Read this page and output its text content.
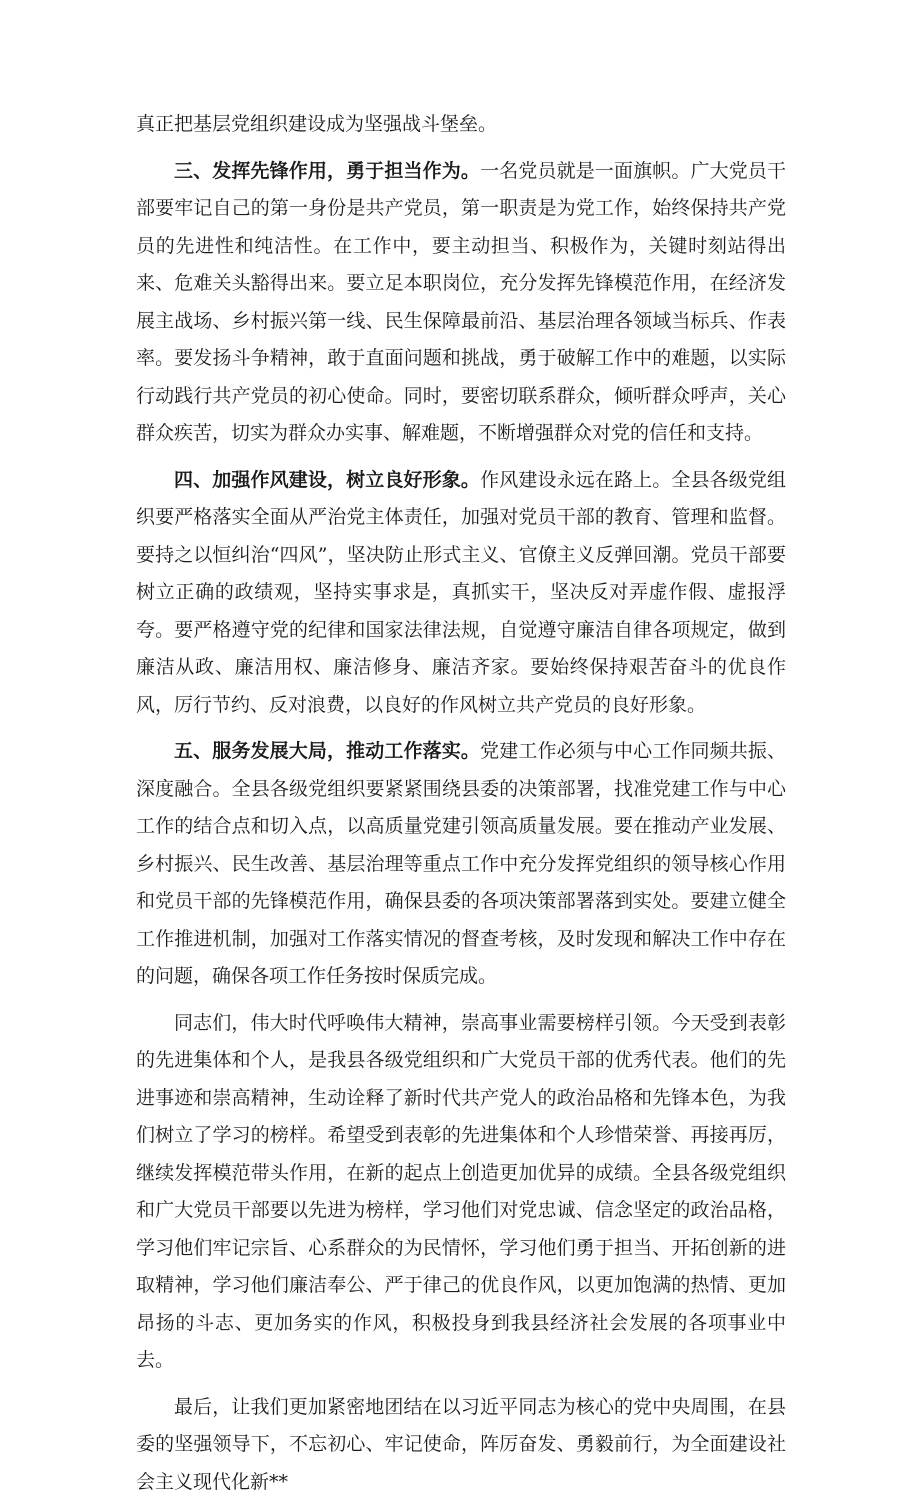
真正把基层党组织建设成为坚强战斗堡垒。

三、发挥先锋作用，勇于担当作为。一名党员就是一面旗帜。广大党员干部要牢记自己的第一身份是共产党员，第一职责是为党工作，始终保持共产党员的先进性和纯洁性。在工作中，要主动担当、积极作为，关键时刻站得出来、危难关头豁得出来。要立足本职岗位，充分发挥先锋模范作用，在经济发展主战场、乡村振兴第一线、民生保障最前沿、基层治理各领域当标兵、作表率。要发扬斗争精神，敢于直面问题和挑战，勇于破解工作中的难题，以实际行动践行共产党员的初心使命。同时，要密切联系群众，倾听群众呼声，关心群众疾苦，切实为群众办实事、解难题，不断增强群众对党的信任和支持。

四、加强作风建设，树立良好形象。作风建设永远在路上。全县各级党组织要严格落实全面从严治党主体责任，加强对党员干部的教育、管理和监督。要持之以恒纠治“四风”，坚决防止形式主义、官僚主义反弹回潮。党员干部要树立正确的政绩观，坚持实事求是，真抓实干，坚决反对弄虚作假、虚报浮夸。要严格遵守党的纪律和国家法律法规，自觉遵守廉洁自律各项规定，做到廉洁从政、廉洁用权、廉洁修身、廉洁齐家。要始终保持艰苦奋斗的优良作风，厉行节约、反对浪费，以良好的作风树立共产党员的良好形象。

五、服务发展大局，推动工作落实。党建工作必须与中心工作同频共振、深度融合。全县各级党组织要紧紧围绕县委的决策部署，找准党建工作与中心工作的结合点和切入点，以高质量党建引领高质量发展。要在推动产业发展、乡村振兴、民生改善、基层治理等重点工作中充分发挥党组织的领导核心作用和党员干部的先锋模范作用，确保县委的各项决策部署落到实处。要建立健全工作推进机制，加强对工作落实情况的督查考核，及时发现和解决工作中存在的问题，确保各项工作任务按时保质完成。

同志们，伟大时代呼唤伟大精神，崇高事业需要榜样引领。今天受到表彰的先进集体和个人，是我县各级党组织和广大党员干部的优秀代表。他们的先进事迹和崇高精神，生动诠释了新时代共产党人的政治品格和先锋本色，为我们树立了学习的榜样。希望受到表彰的先进集体和个人珍惜荣誉、再接再厉，继续发挥模范带头作用，在新的起点上创造更加优异的成绩。全县各级党组织和广大党员干部要以先进为榜样，学习他们对党忠诚、信念坚定的政治品格，学习他们牢记宗旨、心系群众的为民情怀，学习他们勇于担当、开拓创新的进取精神，学习他们廉洁奉公、严于律己的优良作风，以更加饱满的热情、更加昂扬的斗志、更加务实的作风，积极投身到我县经济社会发展的各项事业中去。

最后，让我们更加紧密地团结在以习近平同志为核心的党中央周围，在县委的坚强领导下，不忘初心、牢记使命，阵厉奋发、勇毅前行，为全面建设社会主义现代化新**
